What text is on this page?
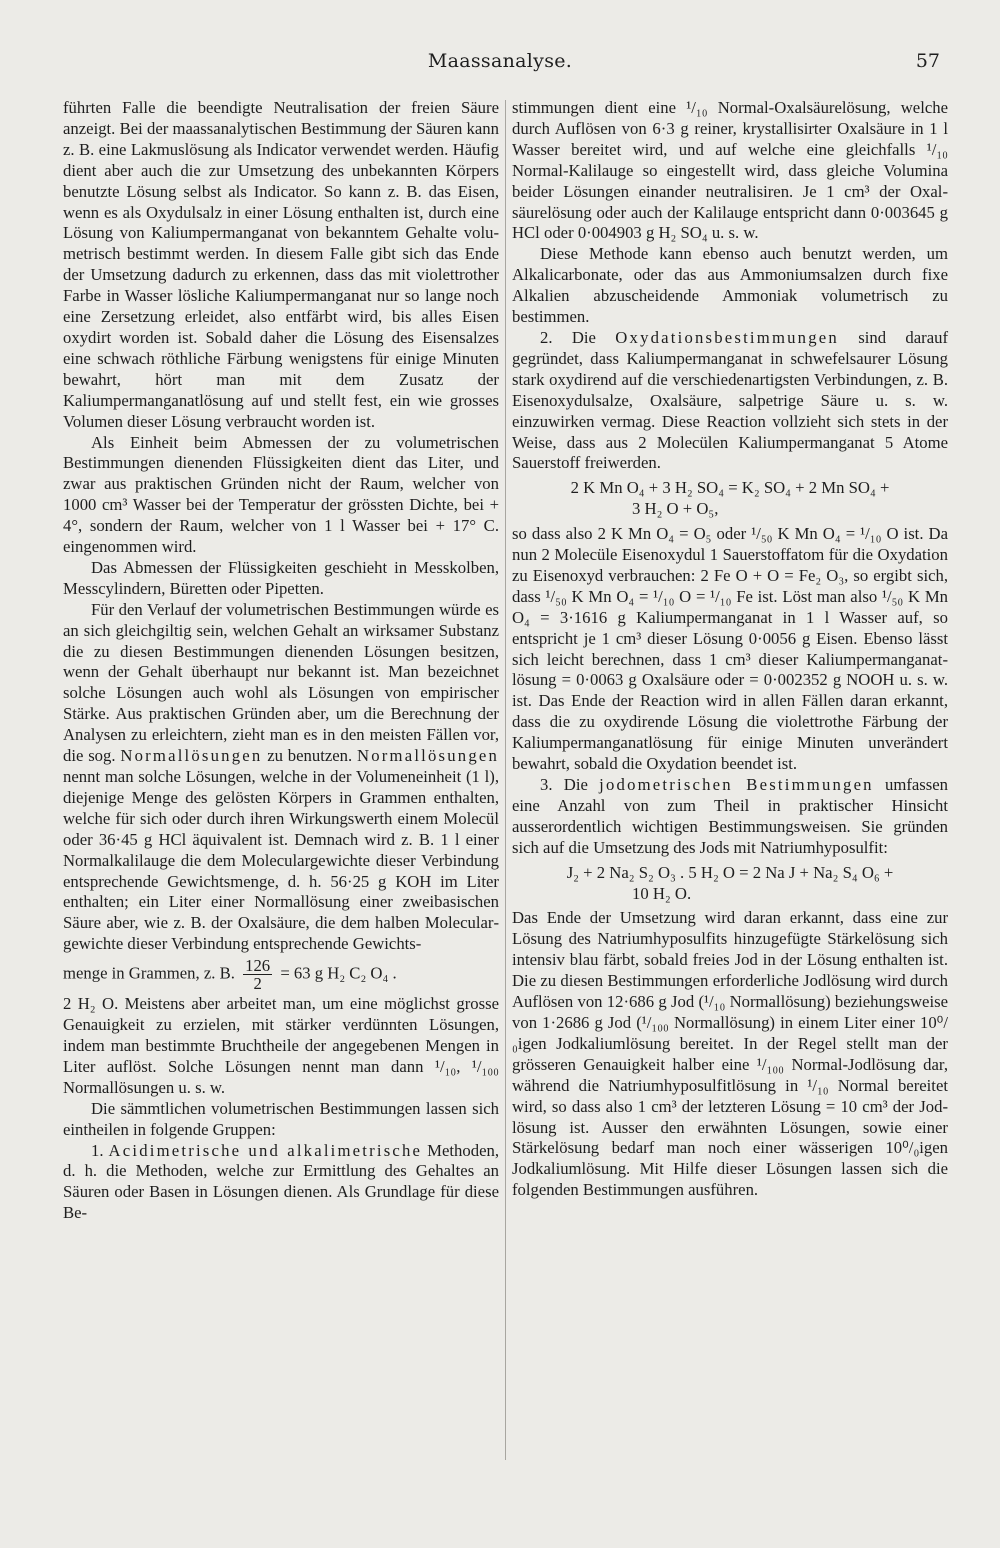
Maassanalyse.	57

führten Falle die beendigte Neutralisation der freien Säure anzeigt. Bei der maassanalytischen Bestimmung der Säuren kann z. B. eine Lakmuslösung als Indicator verwendet werden. Häufig dient aber auch die zur Umsetzung des unbekannten Körpers benutzte Lösung selbst als Indicator. So kann z. B. das Eisen, wenn es als Oxydulsalz in einer Lösung enthalten ist, durch eine Lösung von Kaliumpermanganat von bekanntem Gehalte volumetrisch bestimmt werden. In diesem Falle gibt sich das Ende der Umsetzung dadurch zu erkennen, dass das mit violettrother Farbe in Wasser lösliche Kaliumpermanganat nur so lange noch eine Zersetzung erleidet, also entfärbt wird, bis alles Eisen oxydirt worden ist. Sobald daher die Lösung des Eisensalzes eine schwach röthliche Färbung wenigstens für einige Minuten bewahrt, hört man mit dem Zusatz der Kaliumpermanganatlösung auf und stellt fest, ein wie grosses Volumen dieser Lösung verbraucht worden ist.

Als Einheit beim Abmessen der zu volumetrischen Bestimmungen dienenden Flüssigkeiten dient das Liter, und zwar aus praktischen Gründen nicht der Raum, welcher von 1000 cm³ Wasser bei der Temperatur der grössten Dichte, bei + 4°, sondern der Raum, welcher von 1 l Wasser bei + 17° C. eingenommen wird.

Das Abmessen der Flüssigkeiten geschieht in Messkolben, Messcylindern, Büretten oder Pipetten.

Für den Verlauf der volumetrischen Bestimmungen würde es an sich gleichgiltig sein, welchen Gehalt an wirksamer Substanz die zu diesen Bestimmungen dienenden Lösungen besitzen, wenn der Gehalt überhaupt nur bekannt ist. Man bezeichnet solche Lösungen auch wohl als Lösungen von empirischer Stärke. Aus praktischen Gründen aber, um die Berechnung der Analysen zu erleichtern, zieht man es in den meisten Fällen vor, die sog. Normallösungen zu benutzen. Normallösungen nennt man solche Lösungen, welche in der Volumeneinheit (1 l), diejenige Menge des gelösten Körpers in Grammen enthalten, welche für sich oder durch ihren Wirkungswerth einem Molecül oder 36·45 g HCl äquivalent ist. Demnach wird z. B. 1 l einer Normalkalilauge die dem Moleculargewichte dieser Verbindung entsprechende Gewichtsmenge, d. h. 56·25 g KOH im Liter enthalten; ein Liter einer Normallösung einer zweibasischen Säure aber, wie z. B. der Oxalsäure, die dem halben Moleculargewichte dieser Verbindung entsprechende Gewichts-

menge in Grammen, z. B. $\frac{126}{2} = 63$ g H₂ C₂ O₄ .

2 H₂ O. Meistens aber arbeitet man, um eine möglichst grosse Genauigkeit zu erzielen, mit stärker verdünnten Lösungen, indem man bestimmte Bruchtheile der angegebenen Mengen in Liter auflöst. Solche Lösungen nennt man dann ¹/₁₀, ¹/₁₀₀ Normallösungen u. s. w.

Die sämmtlichen volumetrischen Bestimmungen lassen sich eintheilen in folgende Gruppen:

1. Acidimetrische und alkalimetrische Methoden, d. h. die Methoden, welche zur Ermittlung des Gehaltes an Säuren oder Basen in Lösungen dienen. Als Grundlage für diese Be-

stimmungen dient eine ¹/₁₀ Normal-Oxalsäurelösung, welche durch Auflösen von 6·3 g reiner, krystallisirter Oxalsäure in 1 l Wasser bereitet wird, und auf welche eine gleichfalls ¹/₁₀ Normal-Kalilauge so eingestellt wird, dass gleiche Volumina beider Lösungen einander neutralisiren. Je 1 cm³ der Oxalsäurelösung oder auch der Kalilauge entspricht dann 0·003645 g HCl oder 0·004903 g H₂ SO₄ u. s. w.

Diese Methode kann ebenso auch benutzt werden, um Alkalicarbonate, oder das aus Ammoniumsalzen durch fixe Alkalien abzuscheidende Ammoniak volumetrisch zu bestimmen.

2. Die Oxydationsbestimmungen sind darauf gegründet, dass Kaliumpermanganat in schwefelsaurer Lösung stark oxydirend auf die verschiedenartigsten Verbindungen, z. B. Eisenoxydulsalze, Oxalsäure, salpetrige Säure u. s. w. einzuwirken vermag. Diese Reaction vollzieht sich stets in der Weise, dass aus 2 Molecülen Kaliumpermanganat 5 Atome Sauerstoff freiwerden.

2 K Mn O₄ + 3 H₂ SO₄ = K₂ SO₄ + 2 Mn SO₄ +
3 H₂ O + O₅,

so dass also 2 K Mn O₄ = O₅ oder ¹/₅₀ K Mn O₄ = ¹/₁₀ O ist. Da nun 2 Molecüle Eisenoxydul 1 Sauerstoffatom für die Oxydation zu Eisenoxyd verbrauchen: 2 Fe O + O = Fe₂ O₃, so ergibt sich, dass ¹/₅₀ K Mn O₄ = ¹/₁₀ O = ¹/₁₀ Fe ist. Löst man also ¹/₅₀ K Mn O₄ = 3·1616 g Kaliumpermanganat in 1 l Wasser auf, so entspricht je 1 cm³ dieser Lösung 0·0056 g Eisen. Ebenso lässt sich leicht berechnen, dass 1 cm³ dieser Kaliumpermanganatlösung = 0·0063 g Oxalsäure oder = 0·002352 g NOOH u. s. w. ist. Das Ende der Reaction wird in allen Fällen daran erkannt, dass die zu oxydirende Lösung die violettrothe Färbung der Kaliumpermanganatlösung für einige Minuten unverändert bewahrt, sobald die Oxydation beendet ist.

3. Die jodometrischen Bestimmungen umfassen eine Anzahl von zum Theil in praktischer Hinsicht ausserordentlich wichtigen Bestimmungsweisen. Sie gründen sich auf die Umsetzung des Jods mit Natriumhyposulfit:

J₂ + 2 Na₂ S₂ O₃ . 5 H₂ O = 2 Na J + Na₂ S₄ O₆ +
10 H₂ O.

Das Ende der Umsetzung wird daran erkannt, dass eine zur Lösung des Natriumhyposulfits hinzugefügte Stärkelösung sich intensiv blau färbt, sobald freies Jod in der Lösung enthalten ist. Die zu diesen Bestimmungen erforderliche Jodlösung wird durch Auflösen von 12·686 g Jod (¹/₁₀ Normallösung) beziehungsweise von 1·2686 g Jod (¹/₁₀₀ Normallösung) in einem Liter einer 10⁰/₀igen Jodkaliumlösung bereitet. In der Regel stellt man der grösseren Genauigkeit halber eine ¹/₁₀₀ Normal-Jodlösung dar, während die Natriumhyposulfitlösung in ¹/₁₀ Normal bereitet wird, so dass also 1 cm³ der letzteren Lösung = 10 cm³ der Jodlösung ist. Ausser den erwähnten Lösungen, sowie einer Stärkelösung bedarf man noch einer wässerigen 10⁰/₀igen Jodkaliumlösung. Mit Hilfe dieser Lösungen lassen sich die folgenden Bestimmungen ausführen.
